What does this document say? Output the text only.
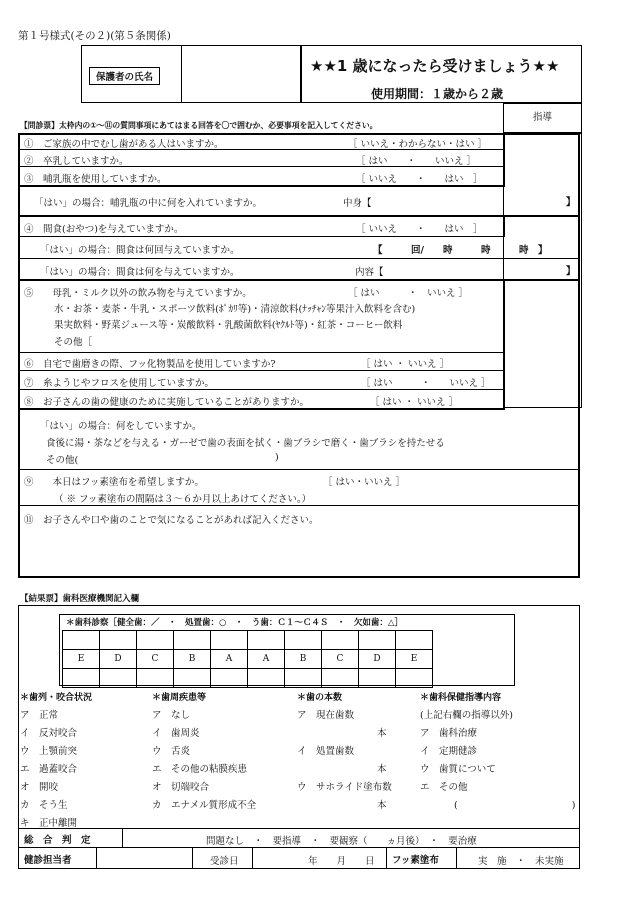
第１号様式(その２)(第５条関係)
保護者の氏名
★★1 歳になったら受けましょう★★
使用期間：１歳から２歳
指導
【問診票】太枠内の①～⑪の質問事項にあてはまる回答を〇で囲むか、必要事項を記入してください。
①　ご家族の中でむし歯がある人はいますか。	［ いいえ・わからない・はい ］
②　卒乳していますか。	［ はい　　・　　いいえ ］
③　哺乳瓶を使用していますか。	［ いいえ　　・　　はい　］
「はい」の場合：哺乳瓶の中に何を入れていますか。	中身【	】
④　間食(おやつ)を与えていますか。	［ いいえ　　・　　はい　］
「はい」の場合：間食は何回与えていますか。	【　　　回/　　時　　　時　　　時　】
「はい」の場合：間食は何を与えていますか。	内容【	】
⑤　　母乳・ミルク以外の飲み物を与えていますか。	［ はい　　　・　いいえ ］
水・お茶・麦茶・牛乳・スポーツ飲料(ﾎﾟｶﾘ等)・清涼飲料(ﾅｯﾁｬﾝ等果汁入飲料を含む)
果実飲料・野菜ジュース等・炭酸飲料・乳酸菌飲料(ﾔｸﾙﾄ等)・紅茶・コーヒー飲料
その他［
⑥　自宅で歯磨きの際、フッ化物製品を使用していますか?	［ はい ・ いいえ ］
⑦　糸ようじやフロスを使用していますか。	［ はい　　　・　　いいえ ］
⑧　お子さんの歯の健康のために実施していることがありますか。	［ はい ・ いいえ ］
「はい」の場合：何をしていますか。
食後に湯・茶などを与える・ガーゼで歯の表面を拭く・歯ブラシで磨く・歯ブラシを持たせる
その他(	)
⑨　　本日はフッ素塗布を希望しますか。	［ はい・いいえ ］
（ ※ フッ素塗布の間隔は３～６か月以上あけてください。）
⑪　お子さんや口や歯のことで気になることがあれば記入ください。
【結果票】歯科医療機関記入欄
＊歯科診察［健全歯：／　・　処置歯：○　・　う歯：Ｃ１～Ｃ４Ｓ　・　欠如歯：△］

E	D	C	B	A	A	B	C	D	E

＊歯列・咬合状況
ア　正常
イ　反対咬合
ウ　上顎前突
エ　過蓋咬合
オ　開咬
カ　そう生
キ　正中離開
＊歯周疾患等
ア　なし
イ　歯周炎
ウ　舌炎
エ　その他の粘膜疾患
オ　切端咬合
カ　エナメル質形成不全
＊歯の本数
ア　現在歯数
本
イ　処置歯数
本
ウ　サホライド塗布数
本
＊歯科保健指導内容
(上記右欄の指導以外)
ア　歯科治療
イ　定期健診
ウ　歯質について
エ　その他
(　　　　　　　　　　　　)
総　合　判　定	問題なし　・　要指導　・　要観察（　　ヵ月後）　・　要治療
健診担当者	受診日	年　　月　　日 フッ素塗布	実　施　・　未実施
